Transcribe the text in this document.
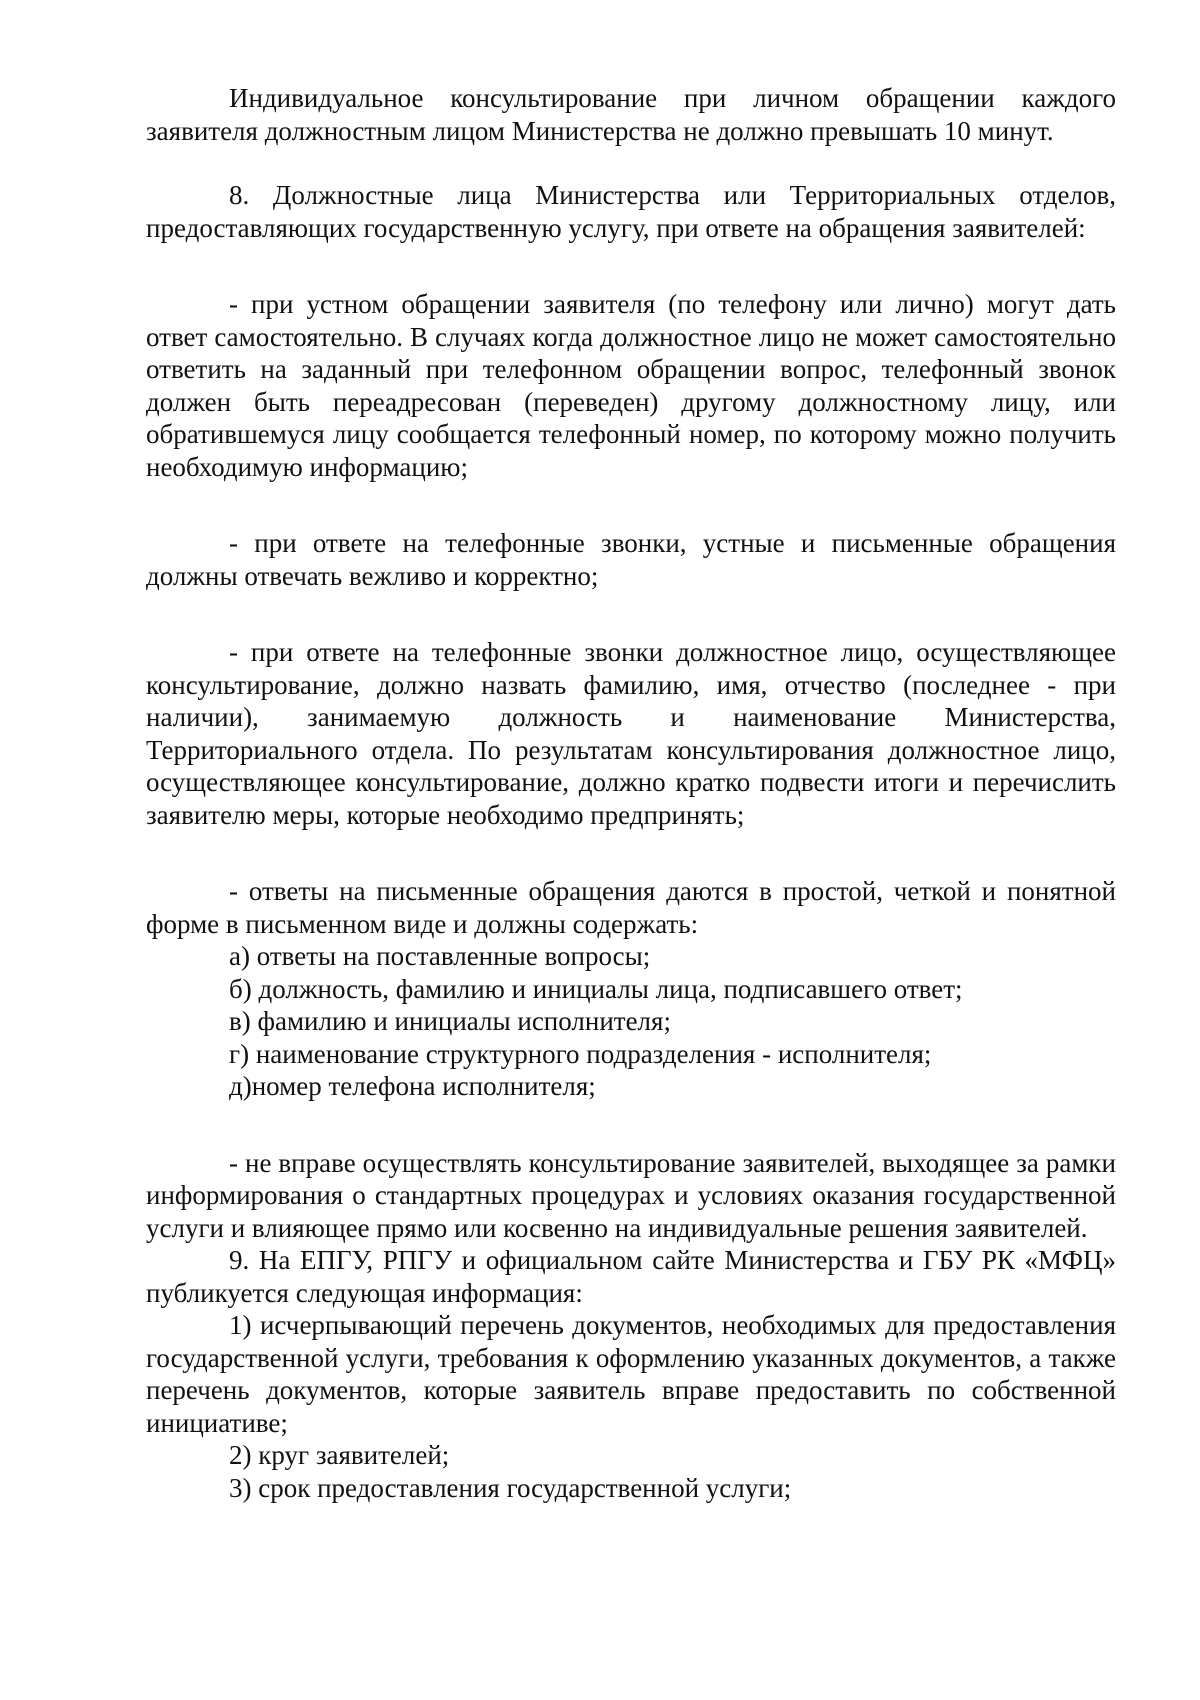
Индивидуальное консультирование при личном обращении каждого заявителя должностным лицом Министерства не должно превышать 10 минут.

8. Должностные лица Министерства или Территориальных отделов, предоставляющих государственную услугу, при ответе на обращения заявителей:

- при устном обращении заявителя (по телефону или лично) могут дать ответ самостоятельно. В случаях когда должностное лицо не может самостоятельно ответить на заданный при телефонном обращении вопрос, телефонный звонок должен быть переадресован (переведен) другому должностному лицу, или обратившемуся лицу сообщается телефонный номер, по которому можно получить необходимую информацию;

- при ответе на телефонные звонки, устные и письменные обращения должны отвечать вежливо и корректно;

- при ответе на телефонные звонки должностное лицо, осуществляющее консультирование, должно назвать фамилию, имя, отчество (последнее - при наличии), занимаемую должность и наименование Министерства, Территориального отдела. По результатам консультирования должностное лицо, осуществляющее консультирование, должно кратко подвести итоги и перечислить заявителю меры, которые необходимо предпринять;

- ответы на письменные обращения даются в простой, четкой и понятной форме в письменном виде и должны содержать:

а) ответы на поставленные вопросы;

б) должность, фамилию и инициалы лица, подписавшего ответ;

в) фамилию и инициалы исполнителя;

г) наименование структурного подразделения - исполнителя;

д)номер телефона исполнителя;

- не вправе осуществлять консультирование заявителей, выходящее за рамки информирования о стандартных процедурах и условиях оказания государственной услуги и влияющее прямо или косвенно на индивидуальные решения заявителей.

9. На ЕПГУ, РПГУ и официальном сайте Министерства и ГБУ РК «МФЦ» публикуется следующая информация:

1) исчерпывающий перечень документов, необходимых для предоставления государственной услуги, требования к оформлению указанных документов, а также перечень документов, которые заявитель вправе предоставить по собственной инициативе;

2) круг заявителей;

3) срок предоставления государственной услуги;
